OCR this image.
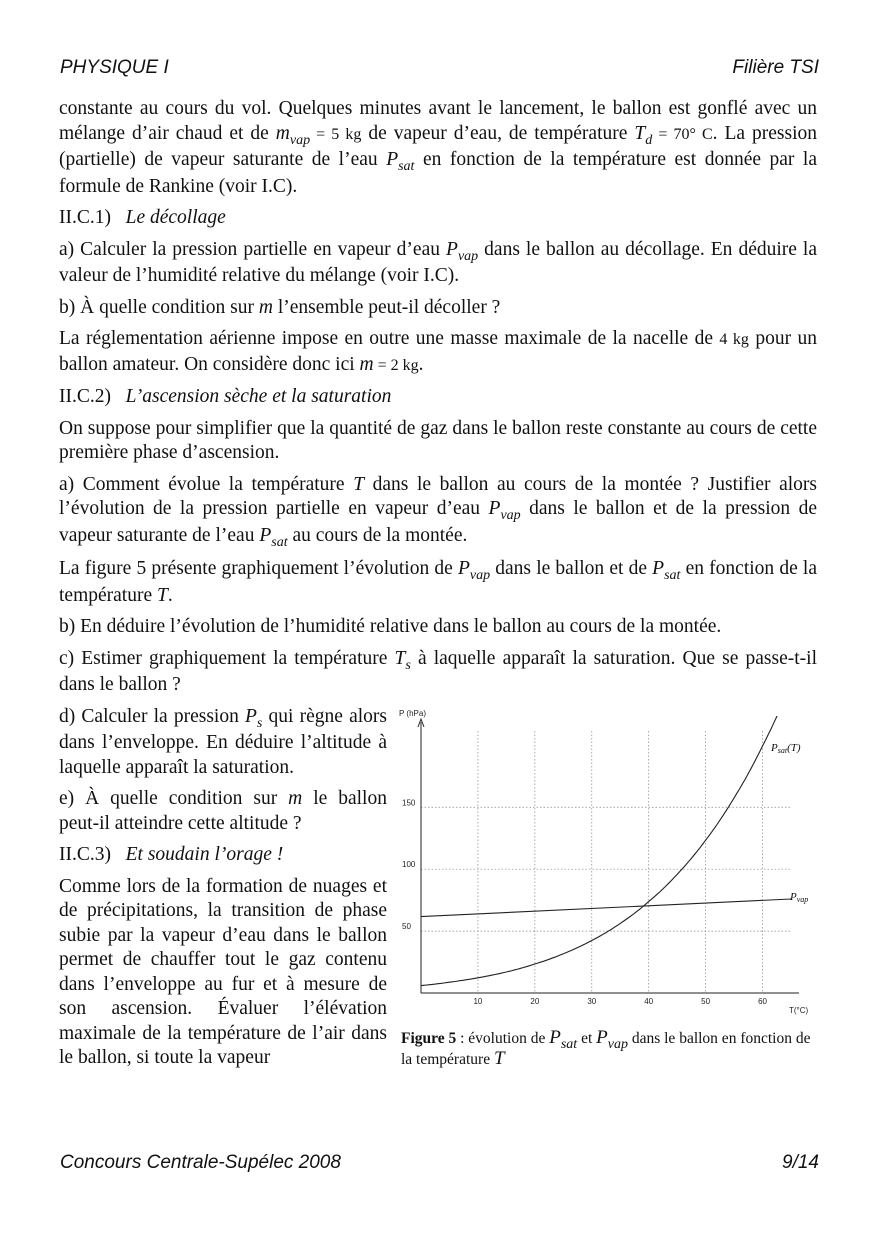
PHYSIQUE I	Filière TSI

constante au cours du vol. Quelques minutes avant le lancement, le ballon est gonflé avec un mélange d’air chaud et de $m_{vap} = 5$ kg de vapeur d’eau, de température $T_d = 70^\circ$ C. La pression (partielle) de vapeur saturante de l’eau $P_{sat}$ en fonction de la température est donnée par la formule de Rankine (voir I.C).

II.C.1) Le décollage

a) Calculer la pression partielle en vapeur d’eau $P_{vap}$ dans le ballon au décollage. En déduire la valeur de l’humidité relative du mélange (voir I.C).

b) À quelle condition sur m l’ensemble peut-il décoller ?

La réglementation aérienne impose en outre une masse maximale de la nacelle de 4 kg pour un ballon amateur. On considère donc ici m = 2 kg.

II.C.2) L’ascension sèche et la saturation

On suppose pour simplifier que la quantité de gaz dans le ballon reste constante au cours de cette première phase d’ascension.

a) Comment évolue la température T dans le ballon au cours de la montée ? Justifier alors l’évolution de la pression partielle en vapeur d’eau $P_{vap}$ dans le ballon et de la pression de vapeur saturante de l’eau $P_{sat}$ au cours de la montée.

La figure 5 présente graphiquement l’évolution de $P_{vap}$ dans le ballon et de $P_{sat}$ en fonction de la température T.

b) En déduire l’évolution de l’humidité relative dans le ballon au cours de la montée.

c) Estimer graphiquement la température $T_s$ à laquelle apparaît la saturation. Que se passe-t-il dans le ballon ?

10	20	30	40	50	60
50
100
150
P (hPa)
T(°C)
Psat(T)
Pvap
Figure 5 : évolution de Psat et Pvap dans le ballon en fonction de la température T

d) Calculer la pression $P_s$ qui règne alors dans l’enveloppe. En déduire l’altitude à laquelle apparaît la saturation.

e) À quelle condition sur m le ballon peut-il atteindre cette altitude ?

II.C.3) Et soudain l’orage !

Comme lors de la formation de nuages et de précipitations, la transition de phase subie par la vapeur d’eau dans le ballon permet de chauffer tout le gaz contenu dans l’enveloppe au fur et à mesure de son ascension. Évaluer l’élévation maximale de la température de l’air dans le ballon, si toute la vapeur

Concours Centrale-Supélec 2008	9/14
